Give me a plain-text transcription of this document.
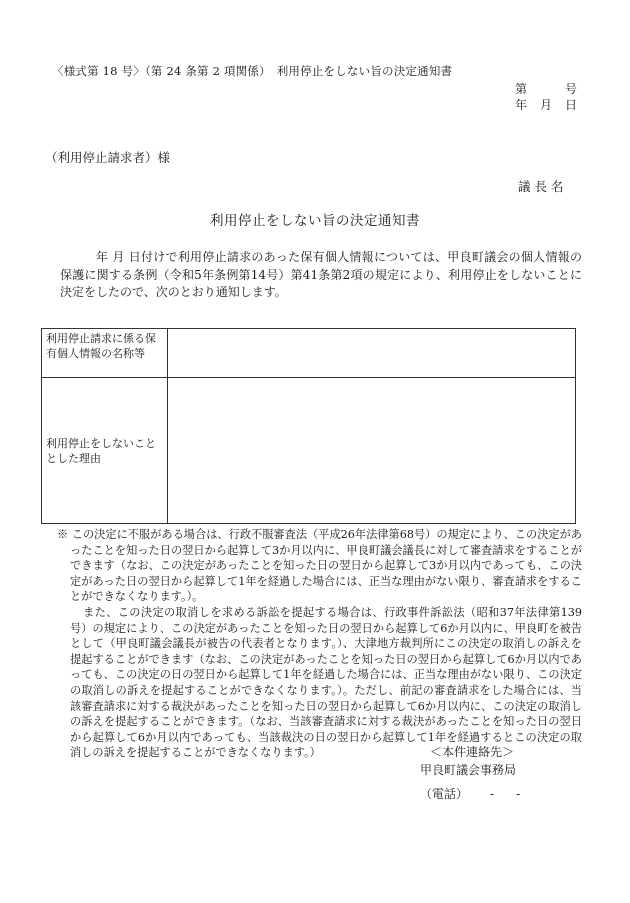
〈様式第 18 号〉（第 24 条第 2 項関係）　利用停止をしない旨の決定通知書
第	号
年 月 日
（利用停止請求者）様
議長名
利用停止をしない旨の決定通知書
年 月 日付けで利用停止請求のあった保有個人情報については、甲良町議会の個人情報の保護に関する条例（令和5年条例第14号）第41条第2項の規定により、利用停止をしないことに決定をしたので、次のとおり通知します。
利用停止請求に係る保有個人情報の名称等	
利用停止をしないこととした理由	

※ この決定に不服がある場合は、行政不服審査法（平成26年法律第68号）の規定により、この決定があったことを知った日の翌日から起算して3か月以内に、甲良町議会議長に対して審査請求をすることができます（なお、この決定があったことを知った日の翌日から起算して3か月以内であっても、この決定があった日の翌日から起算して1年を経過した場合には、正当な理由がない限り、審査請求をすることができなくなります。）。

また、この決定の取消しを求める訴訟を提起する場合は、行政事件訴訟法（昭和37年法律第139号）の規定により、この決定があったことを知った日の翌日から起算して6か月以内に、甲良町を被告として（甲良町議会議長が被告の代表者となります。）、大津地方裁判所にこの決定の取消しの訴えを提起することができます（なお、この決定があったことを知った日の翌日から起算して6か月以内であっても、この決定の日の翌日から起算して1年を経過した場合には、正当な理由がない限り、この決定の取消しの訴えを提起することができなくなります。）。ただし、前記の審査請求をした場合には、当該審査請求に対する裁決があったことを知った日の翌日から起算して6か月以内に、この決定の取消しの訴えを提起することができます。（なお、当該審査請求に対する裁決があったことを知った日の翌日から起算して6か月以内であっても、当該裁決の日の翌日から起算して1年を経過するとこの決定の取消しの訴えを提起することができなくなります。）	＜本件連絡先＞
甲良町議会事務局
（電話） - -
